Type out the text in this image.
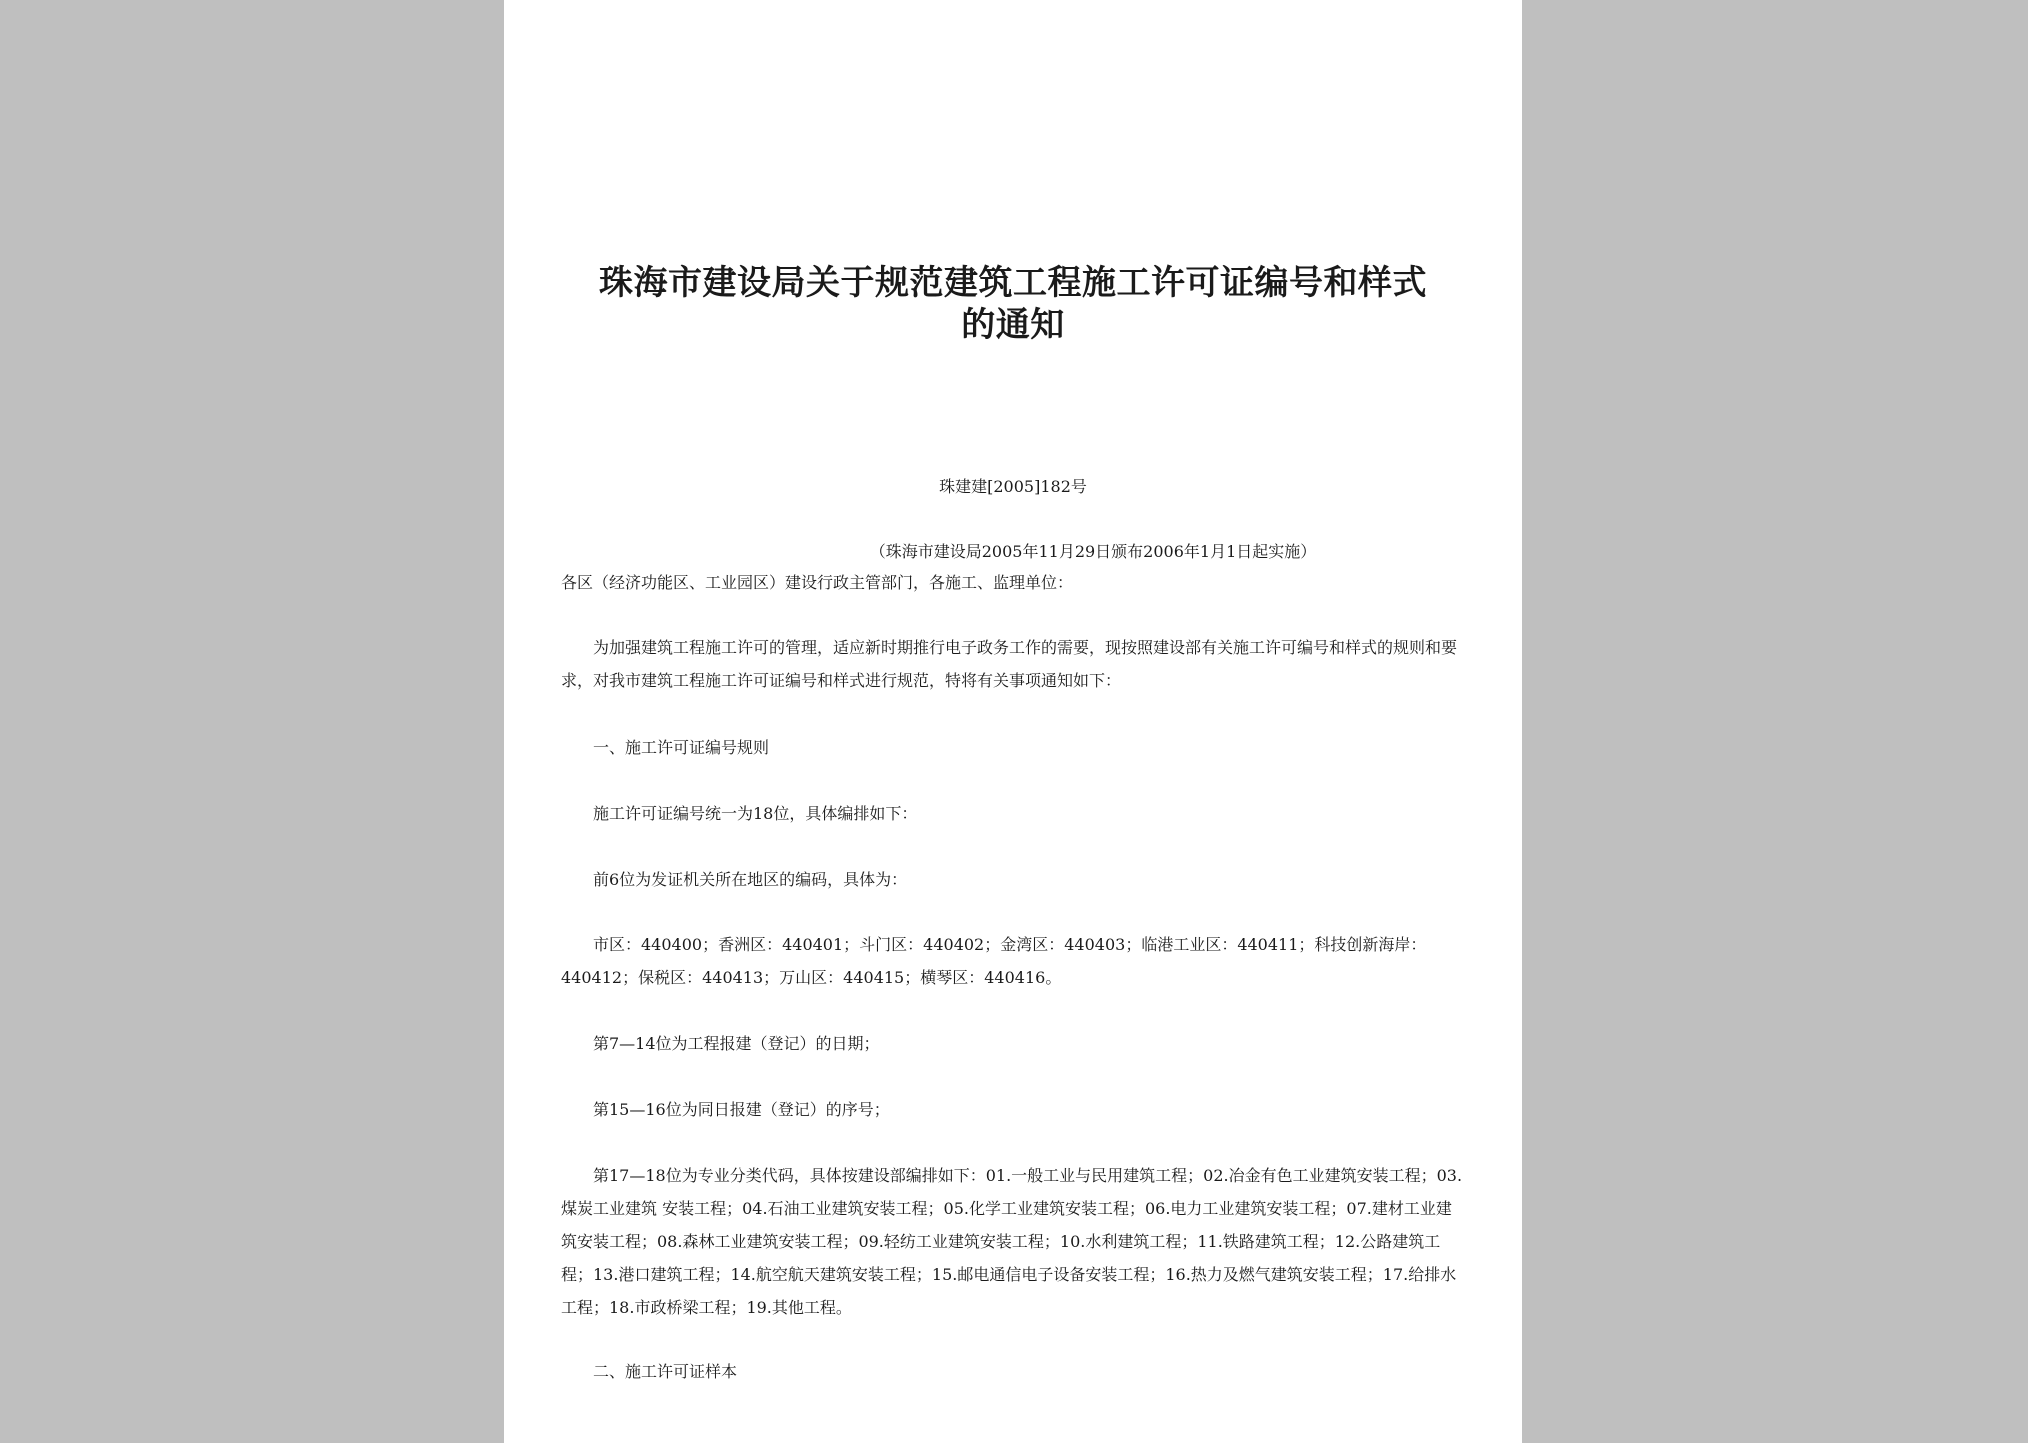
珠海市建设局关于规范建筑工程施工许可证编号和样式
的通知
珠建建[2005]182号
（珠海市建设局2005年11月29日颁布2006年1月1日起实施）
各区（经济功能区、工业园区）建设行政主管部门，各施工、监理单位：
为加强建筑工程施工许可的管理，适应新时期推行电子政务工作的需要，现按照建设部有关施工许可编号和样式的规则和要求，对我市建筑工程施工许可证编号和样式进行规范，特将有关事项通知如下：
一、施工许可证编号规则
施工许可证编号统一为18位，具体编排如下：
前6位为发证机关所在地区的编码，具体为：
市区：440400；香洲区：440401；斗门区：440402；金湾区：440403；临港工业区：440411；科技创新海岸：440412；保税区：440413；万山区：440415；横琴区：440416。
第7—14位为工程报建（登记）的日期；
第15—16位为同日报建（登记）的序号；
第17—18位为专业分类代码，具体按建设部编排如下：01.一般工业与民用建筑工程；02.冶金有色工业建筑安装工程；03.煤炭工业建筑 安装工程；04.石油工业建筑安装工程；05.化学工业建筑安装工程；06.电力工业建筑安装工程；07.建材工业建筑安装工程；08.森林工业建筑安装工程；09.轻纺工业建筑安装工程；10.水利建筑工程；11.铁路建筑工程；12.公路建筑工程；13.港口建筑工程；14.航空航天建筑安装工程；15.邮电通信电子设备安装工程；16.热力及燃气建筑安装工程；17.给排水工程；18.市政桥梁工程；19.其他工程。
二、施工许可证样本
